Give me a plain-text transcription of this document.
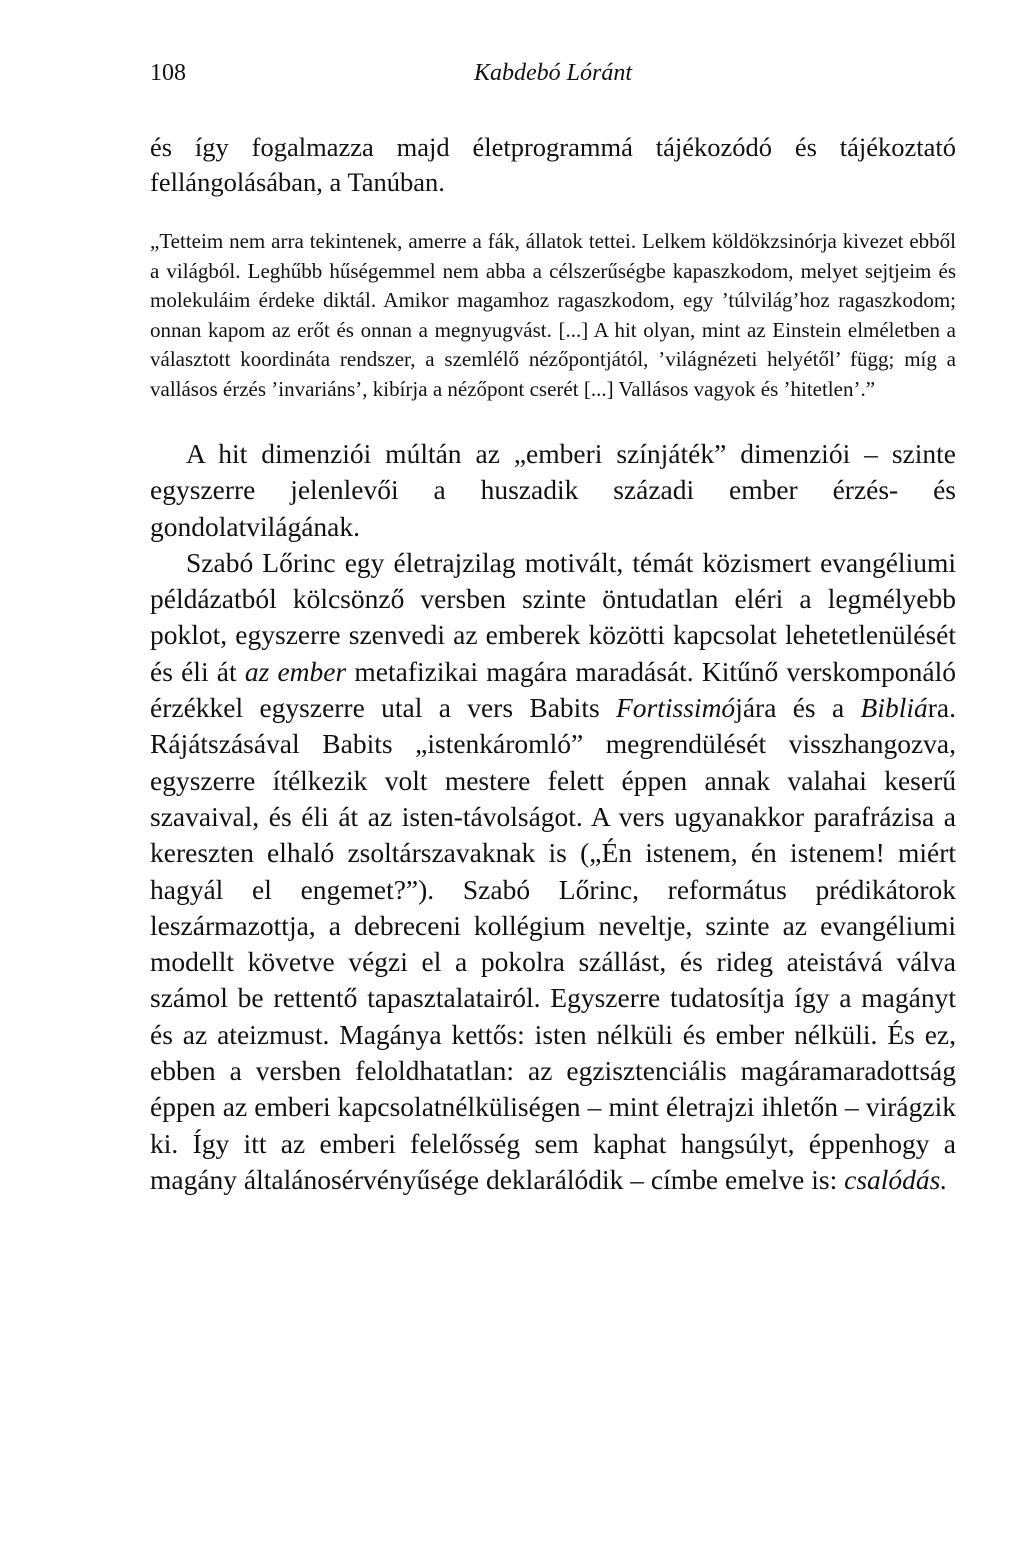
108	Kabdebó Lóránt

és így fogalmazza majd életprogrammá tájékozódó és tájékoztató fellángolásában, a Tanúban.

„Tetteim nem arra tekintenek, amerre a fák, állatok tettei. Lelkem köldökzsinórja kivezet ebből a világból. Leghűbb hűségemmel nem abba a célszerűségbe kapaszkodom, melyet sejtjeim és molekuláim érdeke diktál. Amikor magamhoz ragaszkodom, egy ’túlvilág’hoz ragaszkodom; onnan kapom az erőt és onnan a megnyugvást. [...] A hit olyan, mint az Einstein elméletben a választott koordináta rendszer, a szemlélő nézőpontjától, ’világnézeti helyétől’ függ; míg a vallásos érzés ’invariáns’, kibírja a nézőpont cserét [...] Vallásos vagyok és ’hitetlen’.”

A hit dimenziói múltán az „emberi színjáték” dimenziói – szinte egyszerre jelenlevői a huszadik századi ember érzés- és gondolatvilágának.

Szabó Lőrinc egy életrajzilag motivált, témát közismert evangéliumi példázatból kölcsönző versben szinte öntudatlan eléri a legmélyebb poklot, egyszerre szenvedi az emberek közötti kapcsolat lehetetlenülését és éli át az ember metafizikai magára maradását. Kitűnő verskomponáló érzékkel egyszerre utal a vers Babits Fortissimójára és a Bibliára. Rájátszásával Babits „istenkáromló” megrendülését visszhangozva, egyszerre ítélkezik volt mestere felett éppen annak valahai keserű szavaival, és éli át az isten-távolságot. A vers ugyanakkor parafrázisa a kereszten elhaló zsoltárszavaknak is („Én istenem, én istenem! miért hagyál el engemet?”). Szabó Lőrinc, református prédikátorok leszármazottja, a debreceni kollégium neveltje, szinte az evangéliumi modellt követve végzi el a pokolra szállást, és rideg ateistává válva számol be rettentő tapasztalatairól. Egyszerre tudatosítja így a magányt és az ateizmust. Magánya kettős: isten nélküli és ember nélküli. És ez, ebben a versben feloldhatatlan: az egzisztenciális magáramaradottság éppen az emberi kapcsolatnélküliségen – mint életrajzi ihletőn – virágzik ki. Így itt az emberi felelősség sem kaphat hangsúlyt, éppenhogy a magány általánosérvényűsége deklarálódik – címbe emelve is: csalódás.
